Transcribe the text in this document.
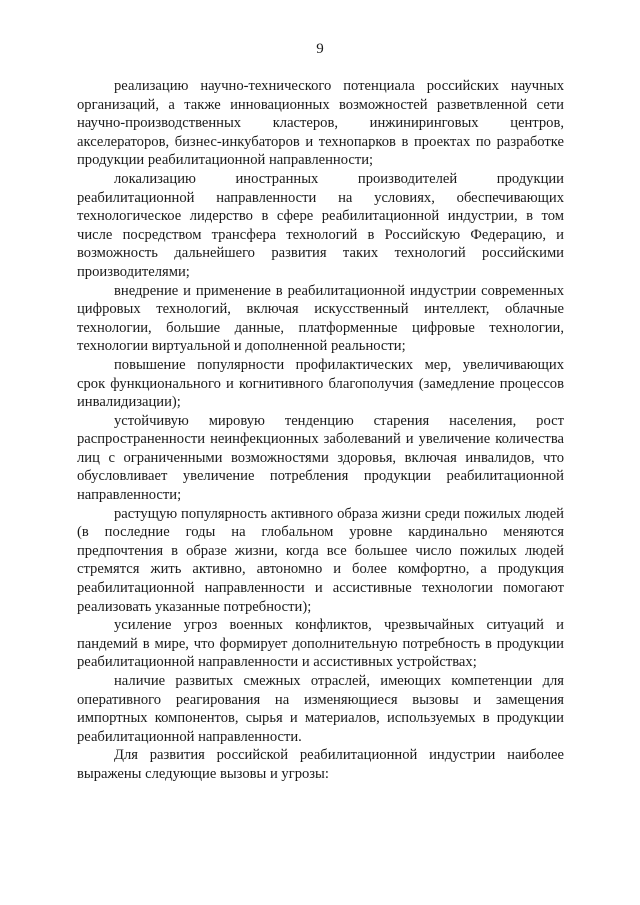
9

реализацию научно-технического потенциала российских научных организаций, а также инновационных возможностей разветвленной сети научно-производственных кластеров, инжиниринговых центров, акселераторов, бизнес-инкубаторов и технопарков в проектах по разработке продукции реабилитационной направленности;

локализацию иностранных производителей продукции реабилитационной направленности на условиях, обеспечивающих технологическое лидерство в сфере реабилитационной индустрии, в том числе посредством трансфера технологий в Российскую Федерацию, и возможность дальнейшего развития таких технологий российскими производителями;

внедрение и применение в реабилитационной индустрии современных цифровых технологий, включая искусственный интеллект, облачные технологии, большие данные, платформенные цифровые технологии, технологии виртуальной и дополненной реальности;

повышение популярности профилактических мер, увеличивающих срок функционального и когнитивного благополучия (замедление процессов инвалидизации);

устойчивую мировую тенденцию старения населения, рост распространенности неинфекционных заболеваний и увеличение количества лиц с ограниченными возможностями здоровья, включая инвалидов, что обусловливает увеличение потребления продукции реабилитационной направленности;

растущую популярность активного образа жизни среди пожилых людей (в последние годы на глобальном уровне кардинально меняются предпочтения в образе жизни, когда все большее число пожилых людей стремятся жить активно, автономно и более комфортно, а продукция реабилитационной направленности и ассистивные технологии помогают реализовать указанные потребности);

усиление угроз военных конфликтов, чрезвычайных ситуаций и пандемий в мире, что формирует дополнительную потребность в продукции реабилитационной направленности и ассистивных устройствах;

наличие развитых смежных отраслей, имеющих компетенции для оперативного реагирования на изменяющиеся вызовы и замещения импортных компонентов, сырья и материалов, используемых в продукции реабилитационной направленности.

Для развития российской реабилитационной индустрии наиболее выражены следующие вызовы и угрозы:
